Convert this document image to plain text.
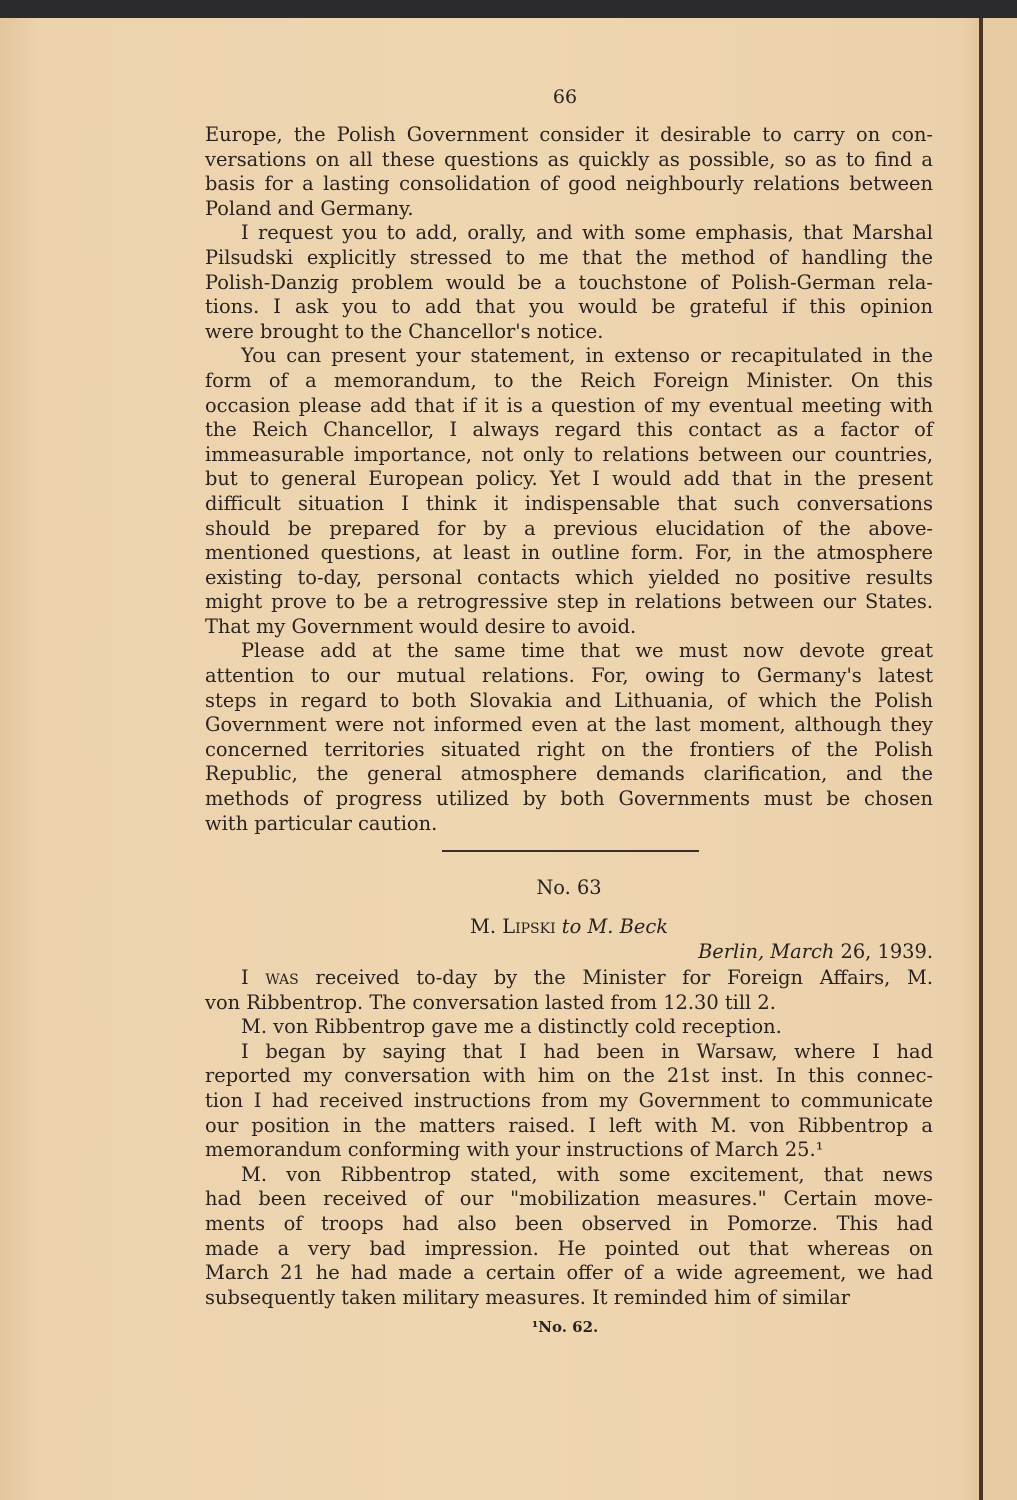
66
Europe, the Polish Government consider it desirable to carry on con-
versations on all these questions as quickly as possible, so as to find a
basis for a lasting consolidation of good neighbourly relations between
Poland and Germany.
I request you to add, orally, and with some emphasis, that Marshal
Pilsudski explicitly stressed to me that the method of handling the
Polish-Danzig problem would be a touchstone of Polish-German rela-
tions. I ask you to add that you would be grateful if this opinion
were brought to the Chancellor's notice.
You can present your statement, in extenso or recapitulated in the
form of a memorandum, to the Reich Foreign Minister. On this
occasion please add that if it is a question of my eventual meeting with
the Reich Chancellor, I always regard this contact as a factor of
immeasurable importance, not only to relations between our countries,
but to general European policy. Yet I would add that in the present
difficult situation I think it indispensable that such conversations
should be prepared for by a previous elucidation of the above-
mentioned questions, at least in outline form. For, in the atmosphere
existing to-day, personal contacts which yielded no positive results
might prove to be a retrogressive step in relations between our States.
That my Government would desire to avoid.
Please add at the same time that we must now devote great
attention to our mutual relations. For, owing to Germany's latest
steps in regard to both Slovakia and Lithuania, of which the Polish
Government were not informed even at the last moment, although they
concerned territories situated right on the frontiers of the Polish
Republic, the general atmosphere demands clarification, and the
methods of progress utilized by both Governments must be chosen
with particular caution.
No. 63
M. Lipski to M. Beck
Berlin, March 26, 1939.
I was received to-day by the Minister for Foreign Affairs, M.
von Ribbentrop. The conversation lasted from 12.30 till 2.
M. von Ribbentrop gave me a distinctly cold reception.
I began by saying that I had been in Warsaw, where I had
reported my conversation with him on the 21st inst. In this connec-
tion I had received instructions from my Government to communicate
our position in the matters raised. I left with M. von Ribbentrop a
memorandum conforming with your instructions of March 25.¹
M. von Ribbentrop stated, with some excitement, that news
had been received of our "mobilization measures." Certain move-
ments of troops had also been observed in Pomorze. This had
made a very bad impression. He pointed out that whereas on
March 21 he had made a certain offer of a wide agreement, we had
subsequently taken military measures. It reminded him of similar
¹No. 62.
